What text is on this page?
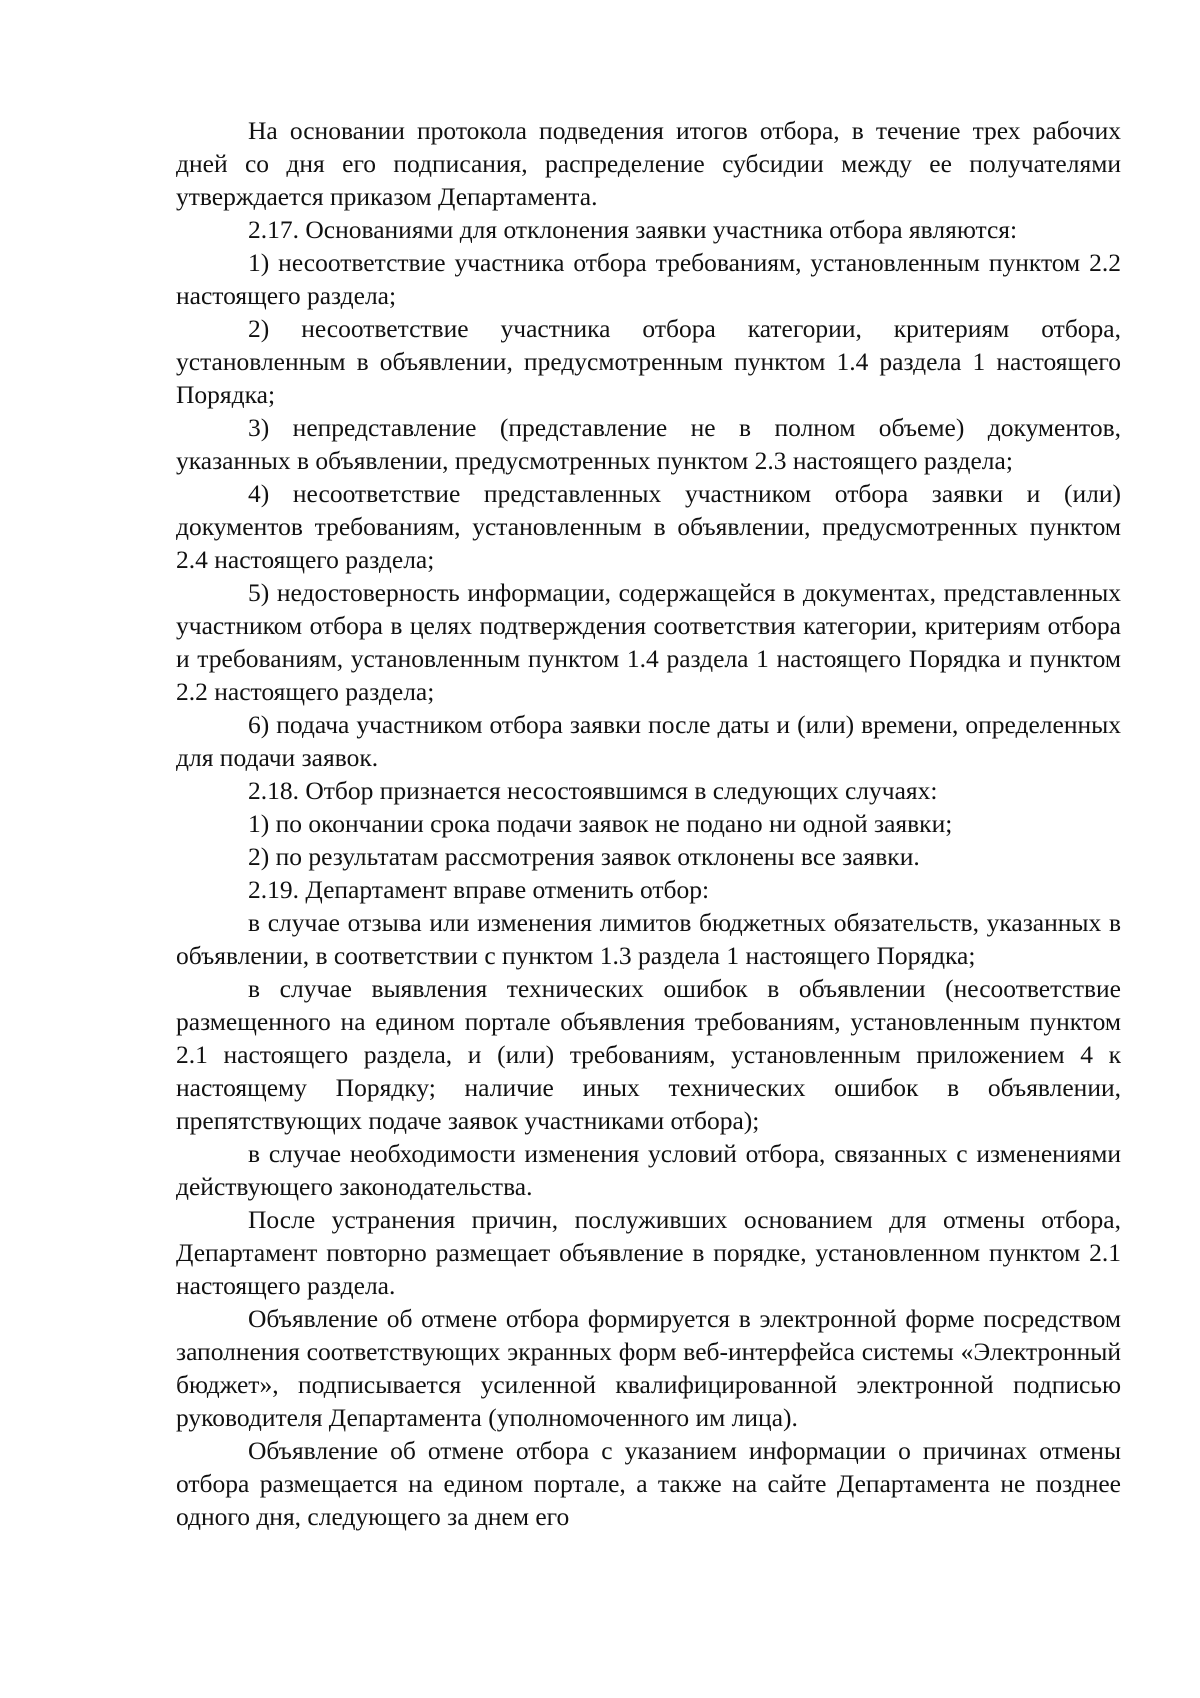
На основании протокола подведения итогов отбора, в течение трех рабочих дней со дня его подписания, распределение субсидии между ее получателями утверждается приказом Департамента.

2.17. Основаниями для отклонения заявки участника отбора являются:

1) несоответствие участника отбора требованиям, установленным пунктом 2.2 настоящего раздела;

2) несоответствие участника отбора категории, критериям отбора, установленным в объявлении, предусмотренным пунктом 1.4 раздела 1 настоящего Порядка;

3) непредставление (представление не в полном объеме) документов, указанных в объявлении, предусмотренных пунктом 2.3 настоящего раздела;

4) несоответствие представленных участником отбора заявки и (или) документов требованиям, установленным в объявлении, предусмотренных пунктом 2.4 настоящего раздела;

5) недостоверность информации, содержащейся в документах, представленных участником отбора в целях подтверждения соответствия категории, критериям отбора и требованиям, установленным пунктом 1.4 раздела 1 настоящего Порядка и пунктом 2.2 настоящего раздела;

6) подача участником отбора заявки после даты и (или) времени, определенных для подачи заявок.

2.18. Отбор признается несостоявшимся в следующих случаях:

1) по окончании срока подачи заявок не подано ни одной заявки;

2) по результатам рассмотрения заявок отклонены все заявки.

2.19. Департамент вправе отменить отбор:

в случае отзыва или изменения лимитов бюджетных обязательств, указанных в объявлении, в соответствии с пунктом 1.3 раздела 1 настоящего Порядка;

в случае выявления технических ошибок в объявлении (несоответствие размещенного на едином портале объявления требованиям, установленным пунктом 2.1 настоящего раздела, и (или) требованиям, установленным приложением 4 к настоящему Порядку; наличие иных технических ошибок в объявлении, препятствующих подаче заявок участниками отбора);

в случае необходимости изменения условий отбора, связанных с изменениями действующего законодательства.

После устранения причин, послуживших основанием для отмены отбора, Департамент повторно размещает объявление в порядке, установленном пунктом 2.1 настоящего раздела.

Объявление об отмене отбора формируется в электронной форме посредством заполнения соответствующих экранных форм веб-интерфейса системы «Электронный бюджет», подписывается усиленной квалифицированной электронной подписью руководителя Департамента (уполномоченного им лица).

Объявление об отмене отбора с указанием информации о причинах отмены отбора размещается на едином портале, а также на сайте Департамента не позднее одного дня, следующего за днем его
